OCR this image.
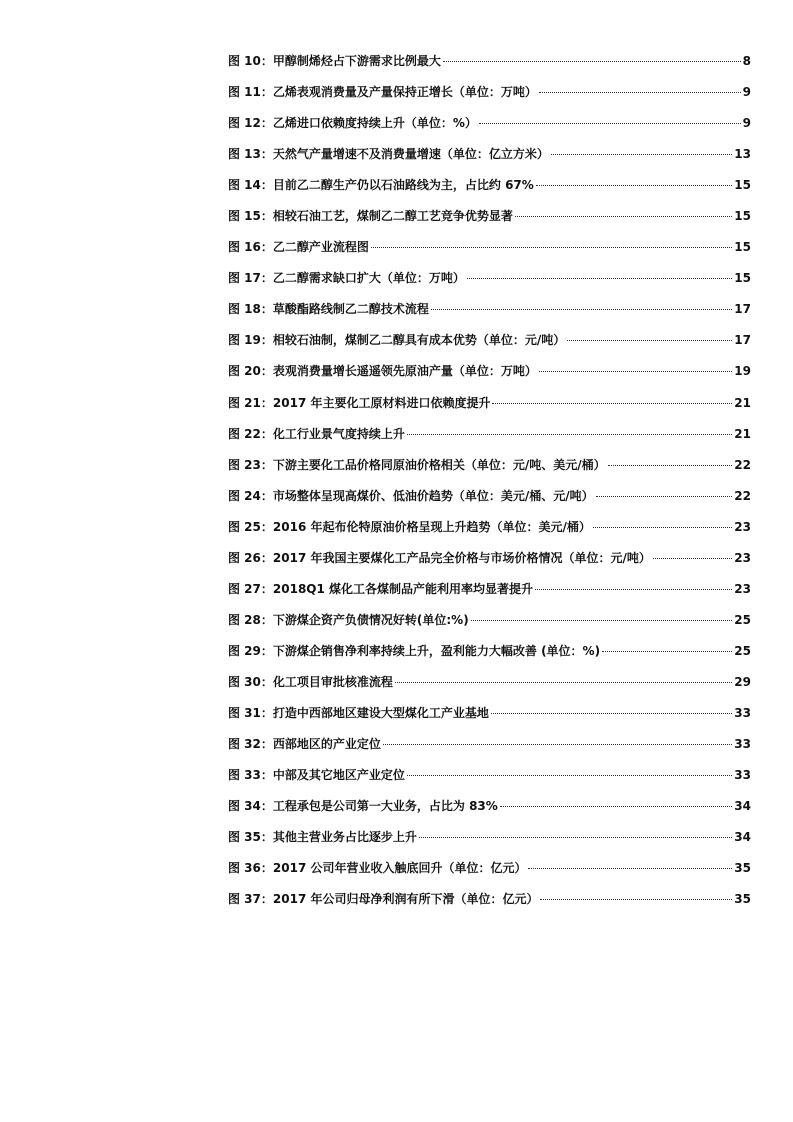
图 10： 甲醇制烯烃占下游需求比例最大	8
图 11： 乙烯表观消费量及产量保持正增长（单位：万吨）	9
图 12： 乙烯进口依赖度持续上升（单位：%）	9
图 13： 天然气产量增速不及消费量增速（单位：亿立方米）	13
图 14： 目前乙二醇生产仍以石油路线为主，占比约 67%	15
图 15： 相较石油工艺，煤制乙二醇工艺竞争优势显著	15
图 16： 乙二醇产业流程图	15
图 17： 乙二醇需求缺口扩大（单位：万吨）	15
图 18： 草酸酯路线制乙二醇技术流程	17
图 19： 相较石油制，煤制乙二醇具有成本优势（单位：元/吨）	17
图 20： 表观消费量增长遥遥领先原油产量（单位：万吨）	19
图 21： 2017 年主要化工原材料进口依赖度提升	21
图 22： 化工行业景气度持续上升	21
图 23： 下游主要化工品价格同原油价格相关（单位：元/吨、美元/桶）	22
图 24： 市场整体呈现高煤价、低油价趋势（单位：美元/桶、元/吨）	22
图 25： 2016 年起布伦特原油价格呈现上升趋势（单位：美元/桶）	23
图 26： 2017 年我国主要煤化工产品完全价格与市场价格情况（单位：元/吨）	23
图 27： 2018Q1 煤化工各煤制品产能利用率均显著提升	23
图 28： 下游煤企资产负债情况好转(单位:%)	25
图 29： 下游煤企销售净利率持续上升，盈利能力大幅改善 (单位：%)	25
图 30： 化工项目审批核准流程	29
图 31： 打造中西部地区建设大型煤化工产业基地	33
图 32： 西部地区的产业定位	33
图 33： 中部及其它地区产业定位	33
图 34： 工程承包是公司第一大业务，占比为 83%	34
图 35： 其他主营业务占比逐步上升	34
图 36： 2017 公司年营业收入触底回升（单位：亿元）	35
图 37： 2017 年公司归母净利润有所下滑（单位：亿元）	35
